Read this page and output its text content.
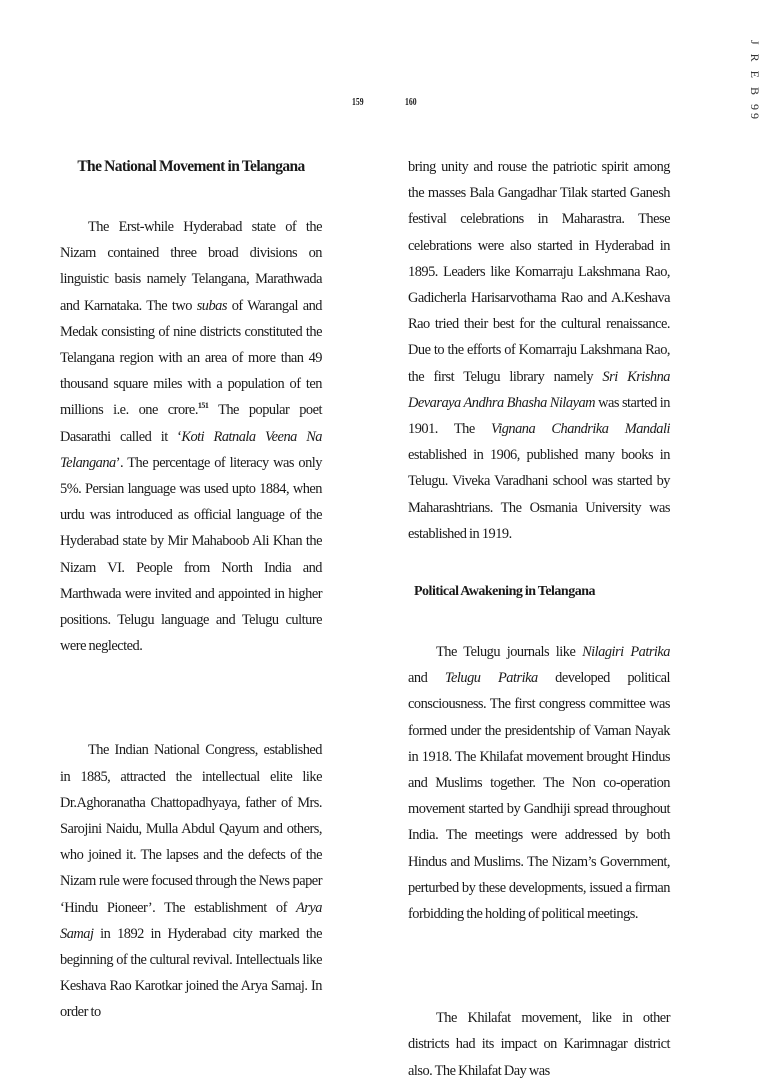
J R E B 99
159	160
The National Movement in Telangana

The Erst-while Hyderabad state of the Nizam contained three broad divisions on linguistic basis namely Telangana, Marathwada and Karnataka. The two subas of Warangal and Medak consisting of nine districts constituted the Telangana region with an area of more than 49 thousand square miles with a population of ten millions i.e. one crore.$^{151}$ The popular poet Dasarathi called it ‘Koti Ratnala Veena Na Telangana’. The percentage of literacy was only 5%. Persian language was used upto 1884, when urdu was introduced as official language of the Hyderabad state by Mir Mahaboob Ali Khan the Nizam VI. People from North India and Marthwada were invited and appointed in higher positions. Telugu language and Telugu culture were neglected.

The Indian National Congress, established in 1885, attracted the intellectual elite like Dr.Aghoranatha Chattopadhyaya, father of Mrs. Sarojini Naidu, Mulla Abdul Qayum and others, who joined it. The lapses and the defects of the Nizam rule were focused through the News paper ‘Hindu Pioneer’. The establishment of Arya Samaj in 1892 in Hyderabad city marked the beginning of the cultural revival. Intellectuals like Keshava Rao Karotkar joined the Arya Samaj. In order to

bring unity and rouse the patriotic spirit among the masses Bala Gangadhar Tilak started Ganesh festival celebrations in Maharastra. These celebrations were also started in Hyderabad in 1895. Leaders like Komarraju Lakshmana Rao, Gadicherla Harisarvothama Rao and A.Keshava Rao tried their best for the cultural renaissance. Due to the efforts of Komarraju Lakshmana Rao, the first Telugu library namely Sri Krishna Devaraya Andhra Bhasha Nilayam was started in 1901. The Vignana Chandrika Mandali established in 1906, published many books in Telugu. Viveka Varadhani school was started by Maharashtrians. The Osmania University was established in 1919.

Political Awakening in Telangana

The Telugu journals like Nilagiri Patrika and Telugu Patrika developed political consciousness. The first congress committee was formed under the presidentship of Vaman Nayak in 1918. The Khilafat movement brought Hindus and Muslims together. The Non co-operation movement started by Gandhiji spread throughout India. The meetings were addressed by both Hindus and Muslims. The Nizam’s Government, perturbed by these developments, issued a firman forbidding the holding of political meetings.

The Khilafat movement, like in other districts had its impact on Karimnagar district also. The Khilafat Day was
